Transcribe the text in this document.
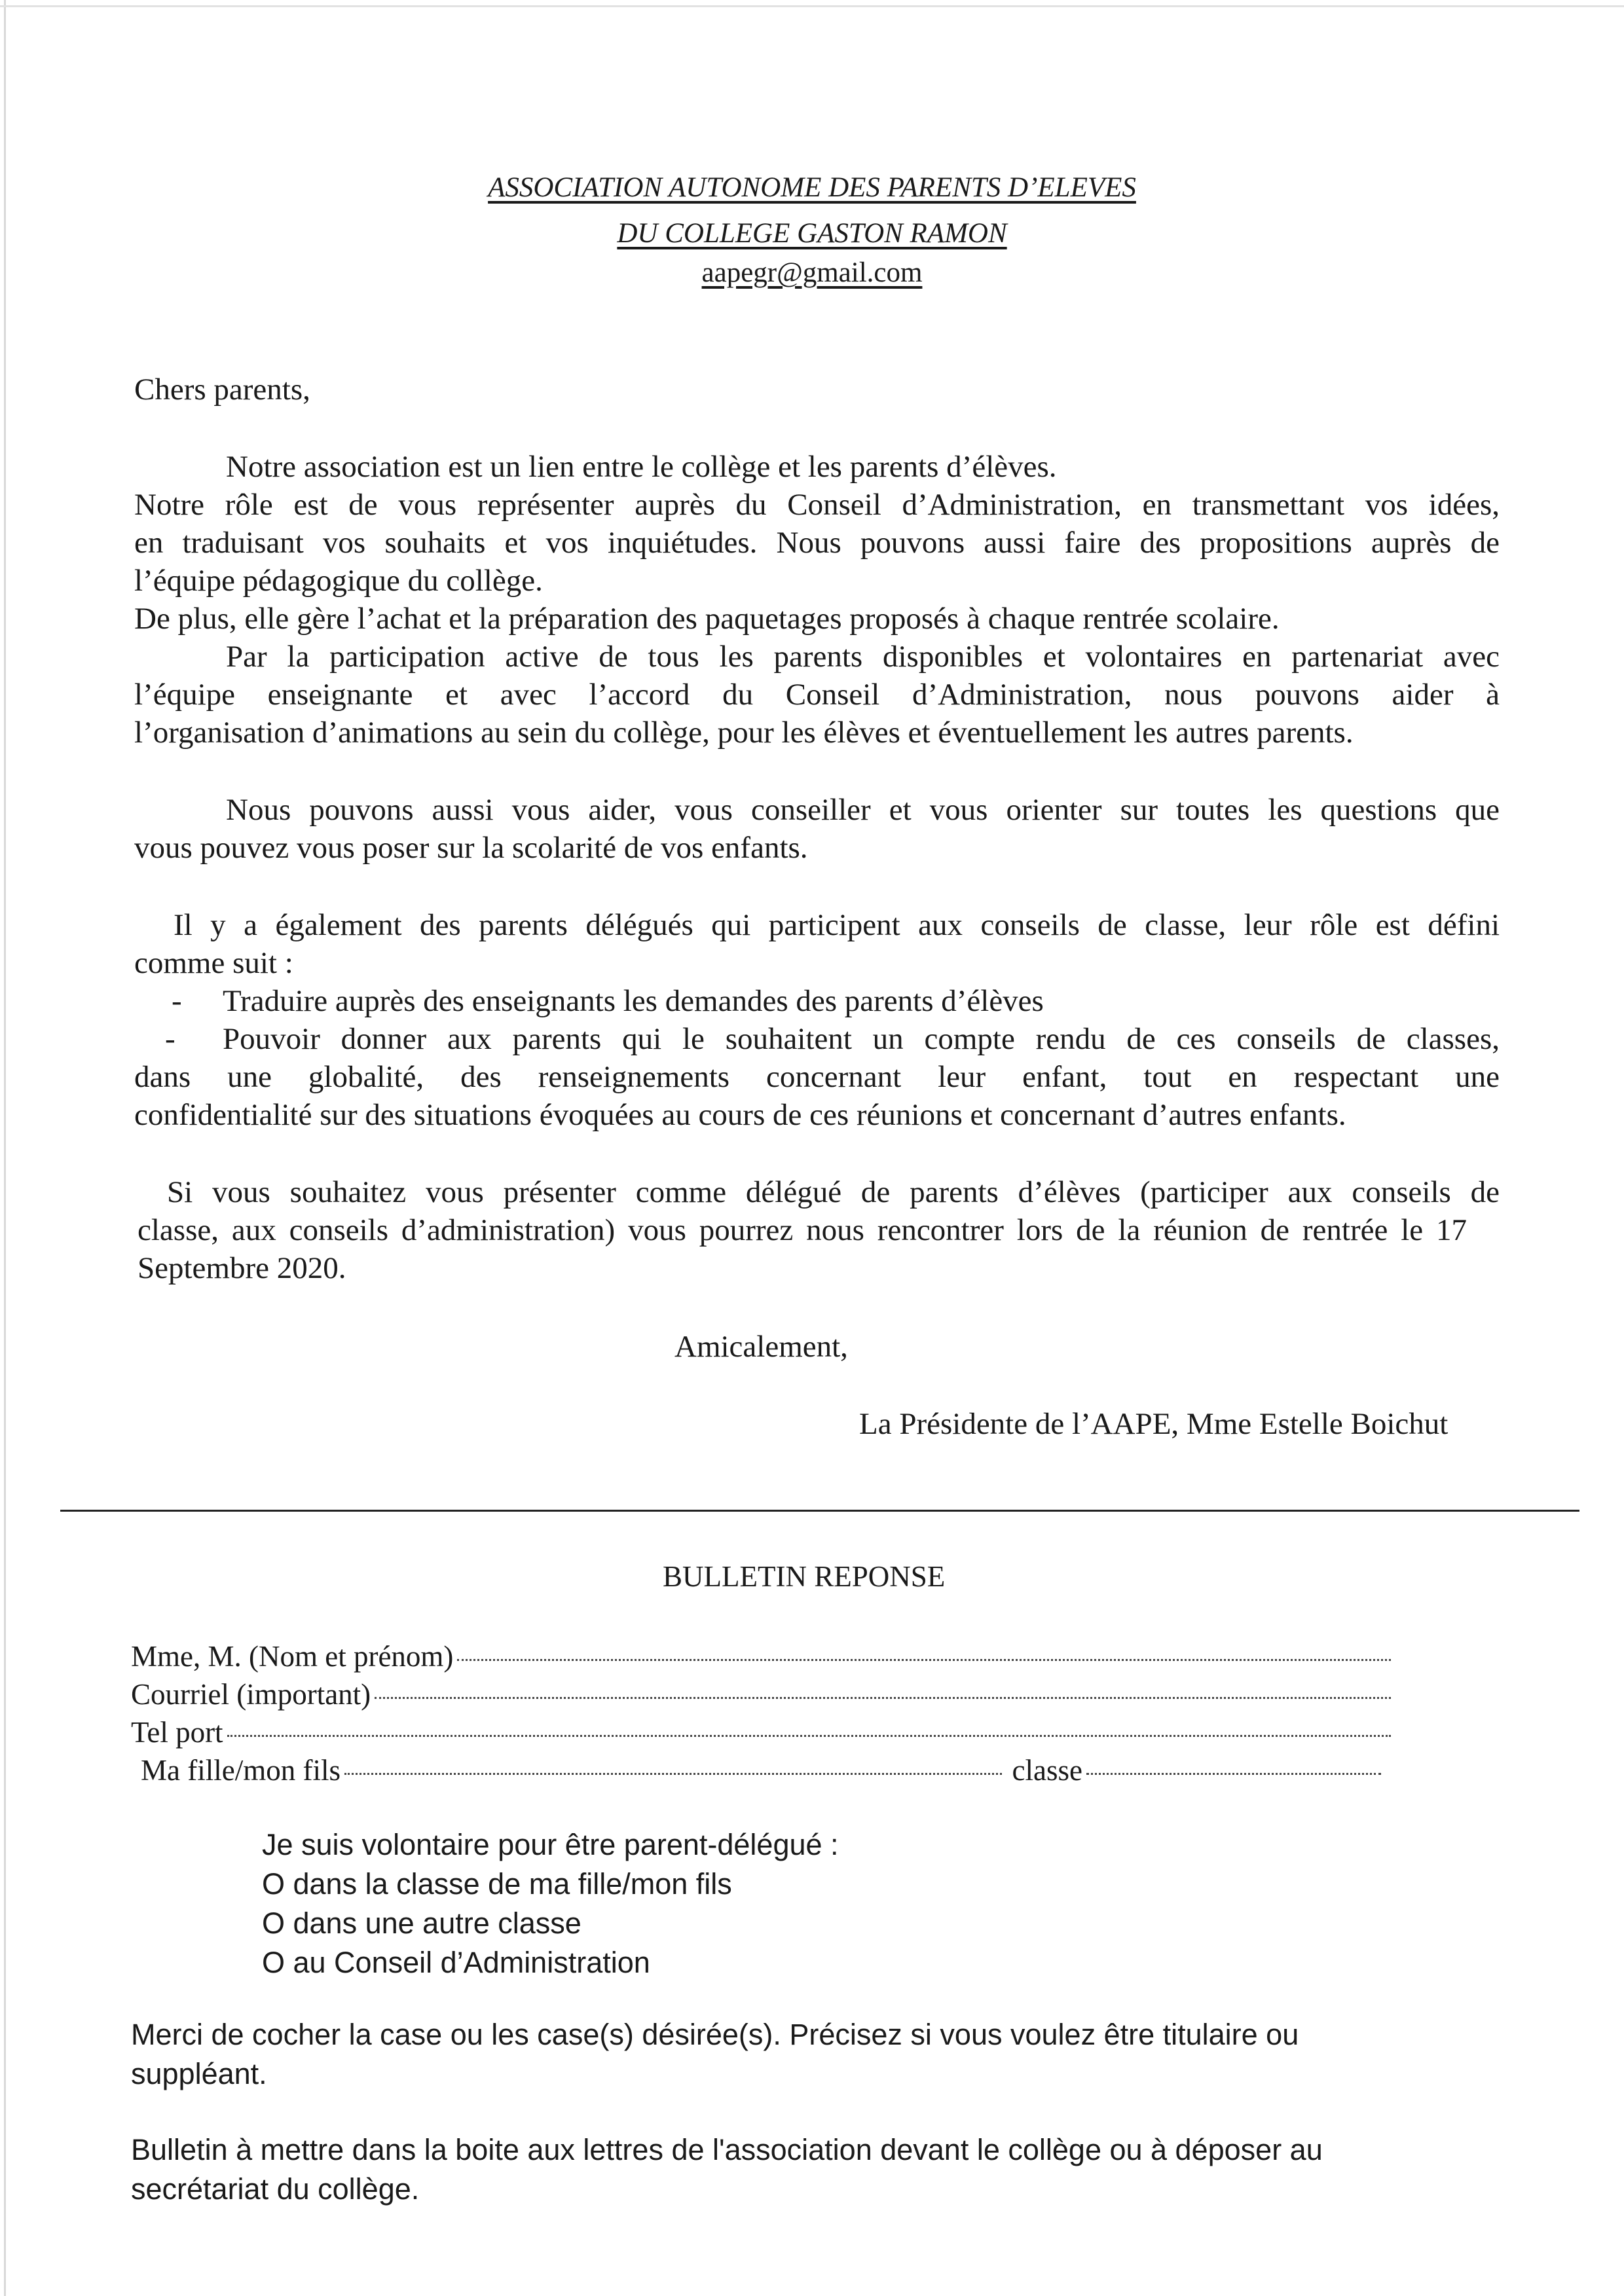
ASSOCIATION AUTONOME DES PARENTS D’ELEVES
DU COLLEGE GASTON RAMON
aapegr@gmail.com
Chers parents,
Notre association est un lien entre le collège et les parents d’élèves.
Notre rôle est de vous représenter auprès du Conseil d’Administration, en transmettant vos idées,
en traduisant vos souhaits et vos inquiétudes. Nous pouvons aussi faire des propositions auprès de
l’équipe pédagogique du collège.
De plus, elle gère l’achat et la préparation des paquetages proposés à chaque rentrée scolaire.
Par la participation active de tous les parents disponibles et volontaires en partenariat avec
l’équipe enseignante et avec l’accord du Conseil d’Administration, nous pouvons aider à
l’organisation d’animations au sein du collège, pour les élèves et éventuellement les autres parents.
Nous pouvons aussi vous aider, vous conseiller et vous orienter sur toutes les questions que
vous pouvez vous poser sur la scolarité de vos enfants.
Il y a également des parents délégués qui participent aux conseils de classe, leur rôle est défini
comme suit :
- Traduire auprès des enseignants les demandes des parents d’élèves
- Pouvoir donner aux parents qui le souhaitent un compte rendu de ces conseils de classes,
dans une globalité, des renseignements concernant leur enfant, tout en respectant une
confidentialité sur des situations évoquées au cours de ces réunions et concernant d’autres enfants.
Si vous souhaitez vous présenter comme délégué de parents d’élèves (participer aux conseils de
classe, aux conseils d’administration) vous pourrez nous rencontrer lors de la réunion de rentrée le 17
Septembre 2020.
Amicalement,
La Présidente de l’AAPE, Mme Estelle Boichut
BULLETIN REPONSE
Mme, M. (Nom et prénom)
Courriel (important)
Tel port
Ma fille/mon fils	classe
Je suis volontaire pour être parent-délégué :
O dans la classe de ma fille/mon fils
O dans une autre classe
O au Conseil d’Administration
Merci de cocher la case ou les case(s) désirée(s). Précisez si vous voulez être titulaire ou
suppléant.
Bulletin à mettre dans la boite aux lettres de l'association devant le collège ou à déposer au
secrétariat du collège.
